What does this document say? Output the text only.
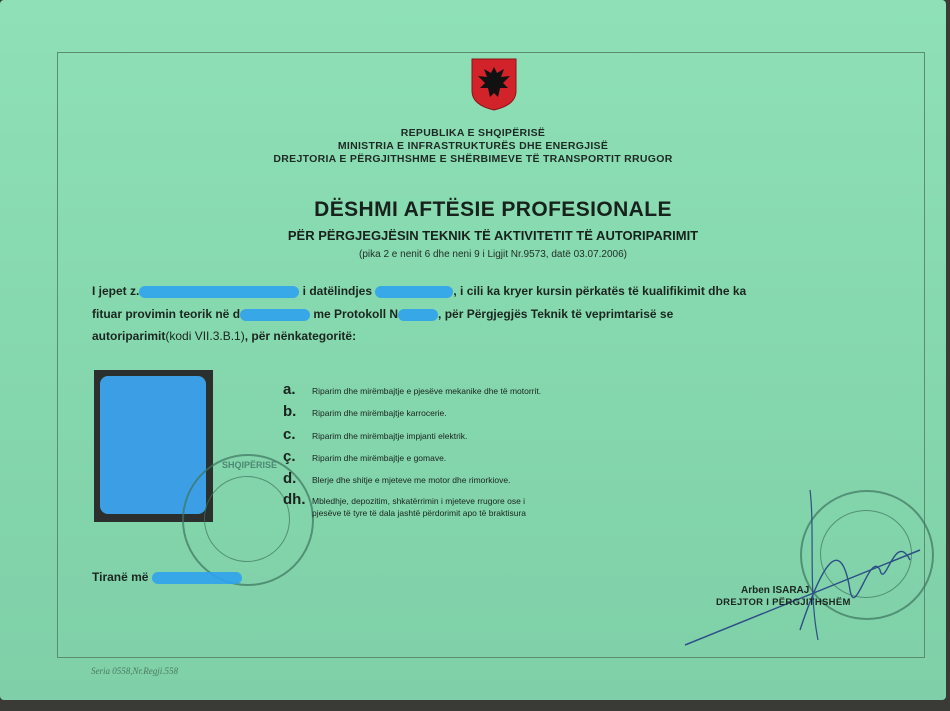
REPUBLIKA E SHQIPËRISË
MINISTRIA E INFRASTRUKTURËS DHE ENERGJISË
DREJTORIA E PËRGJITHSHME E SHËRBIMEVE TË TRANSPORTIT RRUGOR
DËSHMI AFTËSIE PROFESIONALE
PËR PËRGJEGJËSIN TEKNIK TË AKTIVITETIT TË AUTORIPARIMIT
(pika 2 e nenit 6 dhe neni 9 i Ligjit Nr.9573, datë 03.07.2006)
I jepet z.	i datëlindjes	, i cili ka kryer kursin përkatës të kualifikimit dhe ka
fituar provimin teorik në d	me Protokoll N	, për Përgjegjës Teknik të veprimtarisë se
autoriparimit(kodi VII.3.B.1), për nënkategoritë:
SHQIPËRISË
a. Riparim dhe mirëmbajtje e pjesëve mekanike dhe të motorrit.
b. Riparim dhe mirëmbajtje karrocerie.
c. Riparim dhe mirëmbajtje impjanti elektrik.
ç. Riparim dhe mirëmbajtje e gomave.
d. Blerje dhe shitje e mjeteve me motor dhe rimorkiove.
dh. Mbledhje, depozitim, shkatërrimin i mjeteve rrugore ose i
pjesëve të tyre të dala jashtë përdorimit apo të braktisura
Tiranë më
Arben ISARAJ
DREJTOR I PËRGJITHSHËM
Seria 0558,Nr.Regji.558
